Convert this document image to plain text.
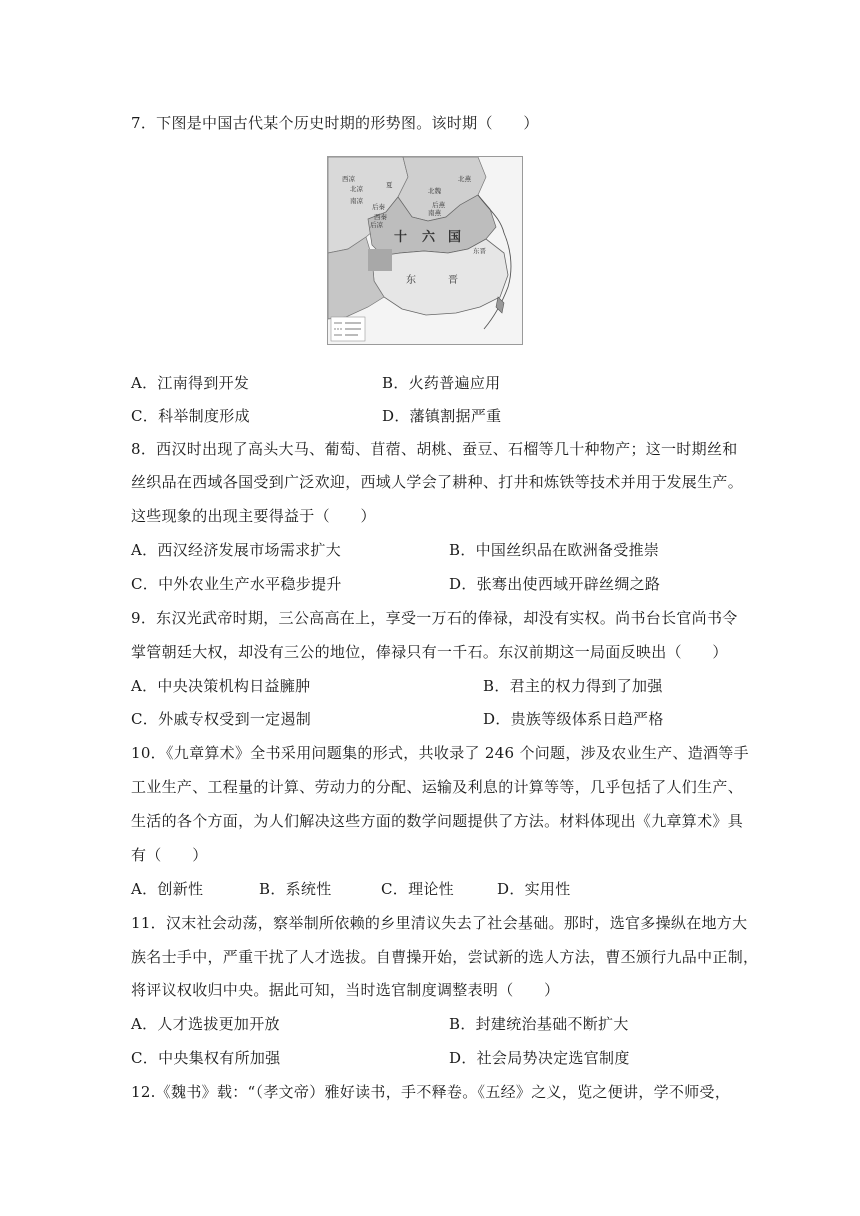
7．下图是中国古代某个历史时期的形势图。该时期（　　）
西凉
北凉
南凉
后秦
西秦
夏
北魏
北燕
后燕
南燕
后凉
十 六 国
东	晋
东晋
A．江南得到开发	B．火药普遍应用
C．科举制度形成	D．藩镇割据严重
8．西汉时出现了高头大马、葡萄、苜蓿、胡桃、蚕豆、石榴等几十种物产；这一时期丝和
丝织品在西域各国受到广泛欢迎，西域人学会了耕种、打井和炼铁等技术并用于发展生产。
这些现象的出现主要得益于（　　）
A．西汉经济发展市场需求扩大	B．中国丝织品在欧洲备受推崇
C．中外农业生产水平稳步提升	D．张骞出使西域开辟丝绸之路
9．东汉光武帝时期，三公高高在上，享受一万石的俸禄，却没有实权。尚书台长官尚书令
掌管朝廷大权，却没有三公的地位，俸禄只有一千石。东汉前期这一局面反映出（　　）
A．中央决策机构日益臃肿	B．君主的权力得到了加强
C．外戚专权受到一定遏制	D．贵族等级体系日趋严格
10．《九章算术》全书采用问题集的形式，共收录了 246 个问题，涉及农业生产、造酒等手
工业生产、工程量的计算、劳动力的分配、运输及利息的计算等等，几乎包括了人们生产、
生活的各个方面，为人们解决这些方面的数学问题提供了方法。材料体现出《九章算术》具
有（　　）
A．创新性	B．系统性	C．理论性	D．实用性
11．汉末社会动荡，察举制所依赖的乡里清议失去了社会基础。那时，选官多操纵在地方大
族名士手中，严重干扰了人才选拔。自曹操开始，尝试新的选人方法，曹丕颁行九品中正制，
将评议权收归中央。据此可知，当时选官制度调整表明（　　）
A．人才选拔更加开放	B．封建统治基础不断扩大
C．中央集权有所加强	D．社会局势决定选官制度
12.《魏书》载：“（孝文帝）雅好读书，手不释卷。《五经》之义，览之便讲，学不师受，
